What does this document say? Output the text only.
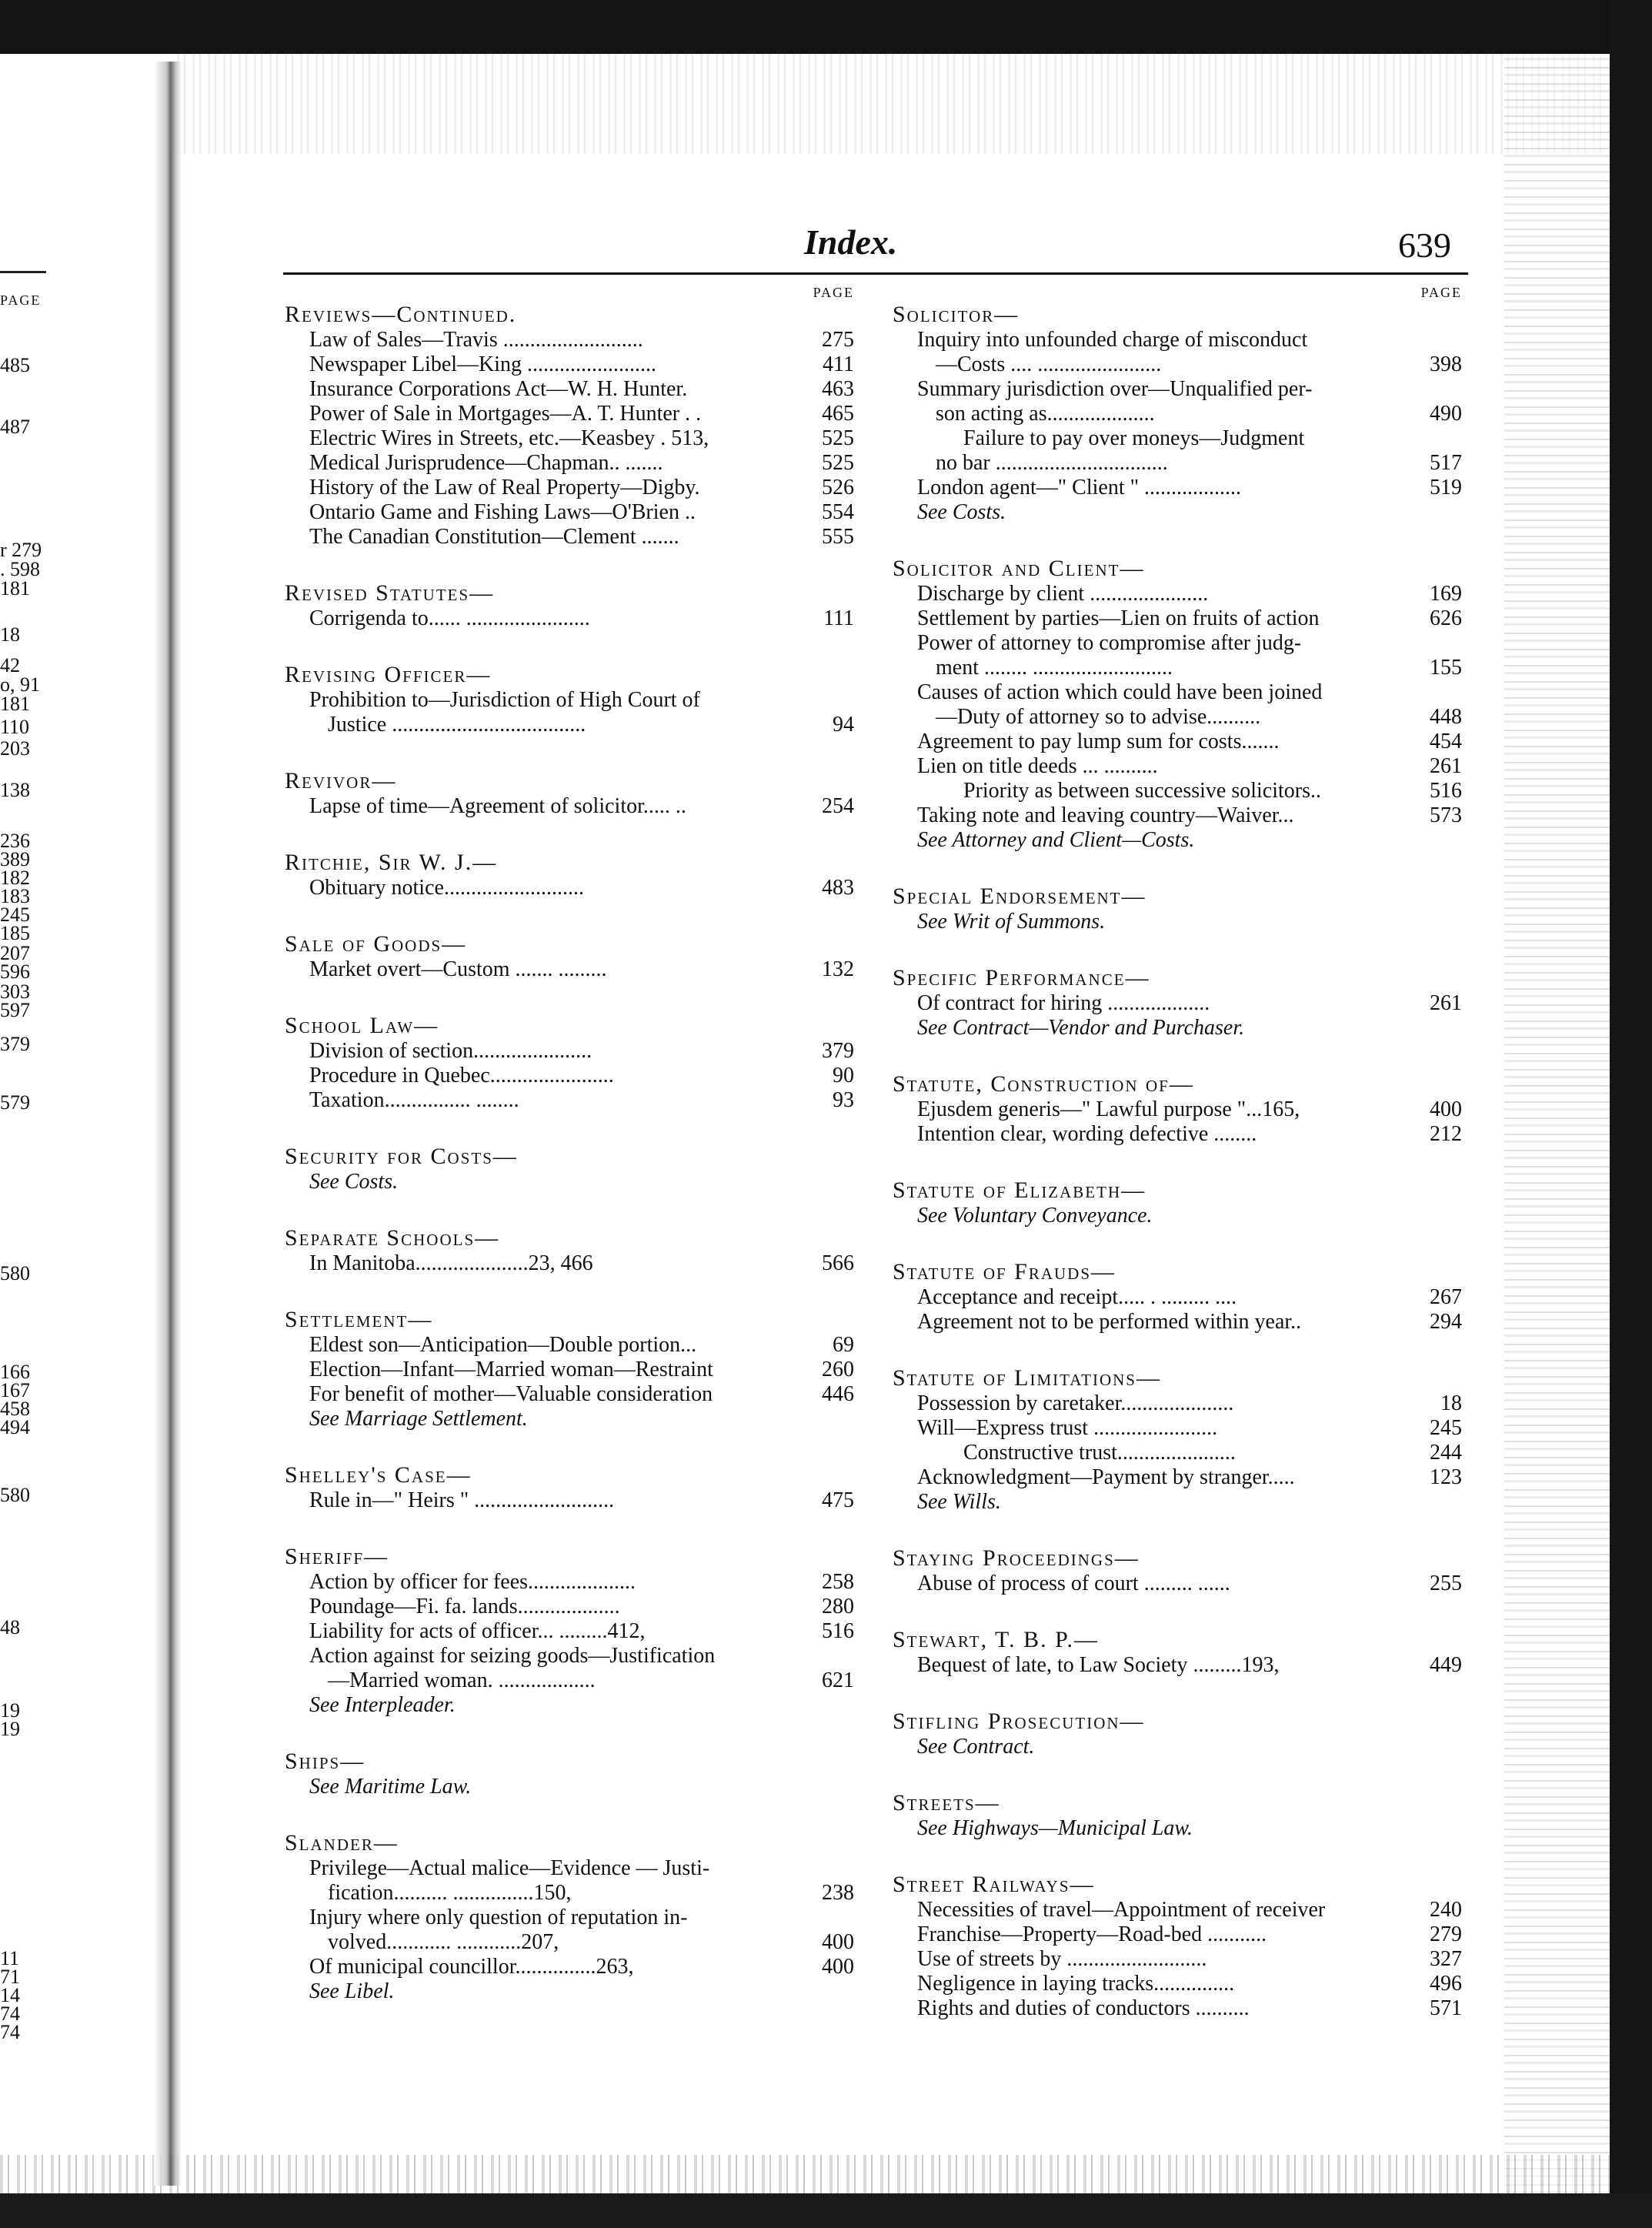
PAGE
485
487
r 279
. 598
181
18
42
o, 91
181
110
203
138
236
389
182
183
245
185
207
596
303
597
379
579
580
166
167
458
494
580
48
19
19
11
71
14
74
74
Index.	639
PAGE
Reviews—Continued.
Law of Sales—Travis ..........................	275
Newspaper Libel—King ........................	411
Insurance Corporations Act—W. H. Hunter.	463
Power of Sale in Mortgages—A. T. Hunter . .	465
Electric Wires in Streets, etc.—Keasbey . 513,	525
Medical Jurisprudence—Chapman.. .......	525
History of the Law of Real Property—Digby.	526
Ontario Game and Fishing Laws—O'Brien ..	554
The Canadian Constitution—Clement .......	555
Revised Statutes—
Corrigenda to...... .......................	111
Revising Officer—
Prohibition to—Jurisdiction of High Court of
Justice ....................................	94
Revivor—
Lapse of time—Agreement of solicitor..... ..	254
Ritchie, Sir W. J.—
Obituary notice..........................	483
Sale of Goods—
Market overt—Custom ....... .........	132
School Law—
Division of section......................	379
Procedure in Quebec.......................	90
Taxation................ ........	93
Security for Costs—
See Costs.
Separate Schools—
In Manitoba.....................23, 466	566
Settlement—
Eldest son—Anticipation—Double portion...	69
Election—Infant—Married woman—Restraint	260
For benefit of mother—Valuable consideration	446
See Marriage Settlement.
Shelley's Case—
Rule in—" Heirs " ..........................	475
Sheriff—
Action by officer for fees....................	258
Poundage—Fi. fa. lands...................	280
Liability for acts of officer... .........412,	516
Action against for seizing goods—Justification
—Married woman. ..................	621
See Interpleader.
Ships—
See Maritime Law.
Slander—
Privilege—Actual malice—Evidence — Justi-
fication.......... ...............150,	238
Injury where only question of reputation in-
volved............ ............207,	400
Of municipal councillor...............263,	400
See Libel.
PAGE
Solicitor—
Inquiry into unfounded charge of misconduct
—Costs .... .......................	398
Summary jurisdiction over—Unqualified per-
son acting as....................	490
Failure to pay over moneys—Judgment
no bar ................................	517
London agent—" Client " ..................	519
See Costs.
Solicitor and Client—
Discharge by client ......................	169
Settlement by parties—Lien on fruits of action	626
Power of attorney to compromise after judg-
ment ........ ..........................	155
Causes of action which could have been joined
—Duty of attorney so to advise..........	448
Agreement to pay lump sum for costs.......	454
Lien on title deeds ... ..........	261
Priority as between successive solicitors..	516
Taking note and leaving country—Waiver...	573
See Attorney and Client—Costs.
Special Endorsement—
See Writ of Summons.
Specific Performance—
Of contract for hiring ...................	261
See Contract—Vendor and Purchaser.
Statute, Construction of—
Ejusdem generis—" Lawful purpose "...165,	400
Intention clear, wording defective ........	212
Statute of Elizabeth—
See Voluntary Conveyance.
Statute of Frauds—
Acceptance and receipt..... . ......... ....	267
Agreement not to be performed within year..	294
Statute of Limitations—
Possession by caretaker.....................	18
Will—Express trust .......................	245
Constructive trust......................	244
Acknowledgment—Payment by stranger.....	123
See Wills.
Staying Proceedings—
Abuse of process of court ......... ......	255
Stewart, T. B. P.—
Bequest of late, to Law Society .........193,	449
Stifling Prosecution—
See Contract.
Streets—
See Highways—Municipal Law.
Street Railways—
Necessities of travel—Appointment of receiver	240
Franchise—Property—Road-bed ...........	279
Use of streets by ..........................	327
Negligence in laying tracks...............	496
Rights and duties of conductors ..........	571
